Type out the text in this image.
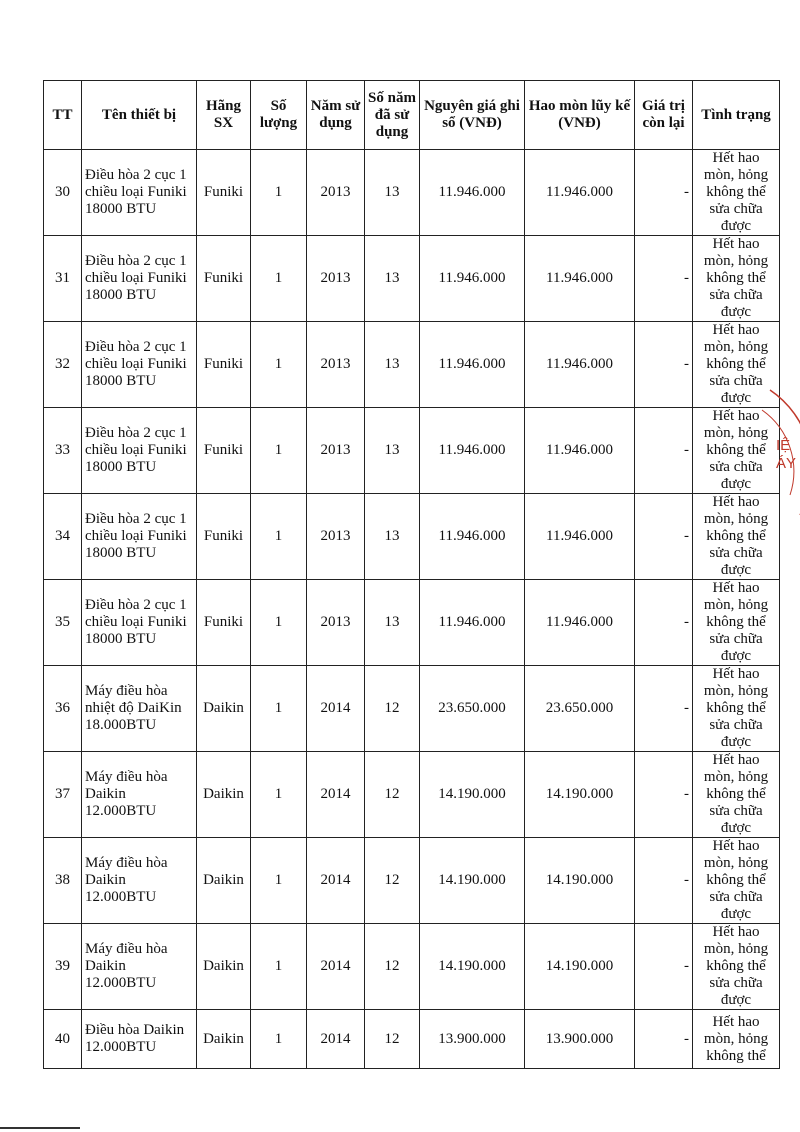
TT	Tên thiết bị	Hãng SX	Số lượng	Năm sử dụng	Số năm đã sử dụng	Nguyên giá ghi sổ (VNĐ)	Hao mòn lũy kế (VNĐ)	Giá trị còn lại	Tình trạng
30	Điều hòa 2 cục 1 chiều loại Funiki 18000 BTU	Funiki	1	2013	13	11.946.000	11.946.000	-	Hết hao mòn, hỏng không thể sửa chữa được
31	Điều hòa 2 cục 1 chiều loại Funiki 18000 BTU	Funiki	1	2013	13	11.946.000	11.946.000	-	Hết hao mòn, hỏng không thể sửa chữa được
32	Điều hòa 2 cục 1 chiều loại Funiki 18000 BTU	Funiki	1	2013	13	11.946.000	11.946.000	-	Hết hao mòn, hỏng không thể sửa chữa được
33	Điều hòa 2 cục 1 chiều loại Funiki 18000 BTU	Funiki	1	2013	13	11.946.000	11.946.000	-	Hết hao mòn, hỏng không thể sửa chữa được
34	Điều hòa 2 cục 1 chiều loại Funiki 18000 BTU	Funiki	1	2013	13	11.946.000	11.946.000	-	Hết hao mòn, hỏng không thể sửa chữa được
35	Điều hòa 2 cục 1 chiều loại Funiki 18000 BTU	Funiki	1	2013	13	11.946.000	11.946.000	-	Hết hao mòn, hỏng không thể sửa chữa được
36	Máy điều hòa nhiệt độ DaiKin 18.000BTU	Daikin	1	2014	12	23.650.000	23.650.000	-	Hết hao mòn, hỏng không thể sửa chữa được
37	Máy điều hòa Daikin 12.000BTU	Daikin	1	2014	12	14.190.000	14.190.000	-	Hết hao mòn, hỏng không thể sửa chữa được
38	Máy điều hòa Daikin 12.000BTU	Daikin	1	2014	12	14.190.000	14.190.000	-	Hết hao mòn, hỏng không thể sửa chữa được
39	Máy điều hòa Daikin 12.000BTU	Daikin	1	2014	12	14.190.000	14.190.000	-	Hết hao mòn, hỏng không thể sửa chữa được
40	Điều hòa Daikin 12.000BTU	Daikin	1	2014	12	13.900.000	13.900.000	-	Hết hao mòn, hỏng không thể
IỆ
ÁY
